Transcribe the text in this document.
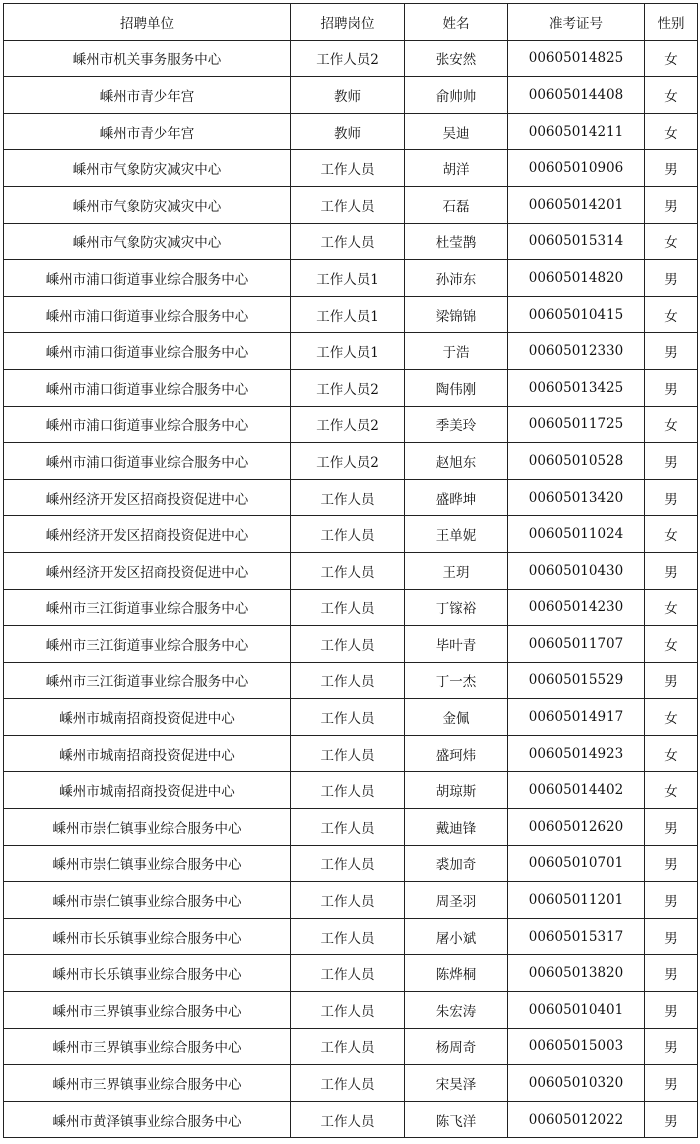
招聘单位	招聘岗位	姓名	准考证号	性别
嵊州市机关事务服务中心	工作人员2	张安然	00605014825	女
嵊州市青少年宫	教师	俞帅帅	00605014408	女
嵊州市青少年宫	教师	吴迪	00605014211	女
嵊州市气象防灾减灾中心	工作人员	胡洋	00605010906	男
嵊州市气象防灾减灾中心	工作人员	石磊	00605014201	男
嵊州市气象防灾减灾中心	工作人员	杜莹鹊	00605015314	女
嵊州市浦口街道事业综合服务中心	工作人员1	孙沛东	00605014820	男
嵊州市浦口街道事业综合服务中心	工作人员1	梁锦锦	00605010415	女
嵊州市浦口街道事业综合服务中心	工作人员1	于浩	00605012330	男
嵊州市浦口街道事业综合服务中心	工作人员2	陶伟刚	00605013425	男
嵊州市浦口街道事业综合服务中心	工作人员2	季美玲	00605011725	女
嵊州市浦口街道事业综合服务中心	工作人员2	赵旭东	00605010528	男
嵊州经济开发区招商投资促进中心	工作人员	盛晔坤	00605013420	男
嵊州经济开发区招商投资促进中心	工作人员	王单妮	00605011024	女
嵊州经济开发区招商投资促进中心	工作人员	王玥	00605010430	男
嵊州市三江街道事业综合服务中心	工作人员	丁镓裕	00605014230	女
嵊州市三江街道事业综合服务中心	工作人员	毕叶青	00605011707	女
嵊州市三江街道事业综合服务中心	工作人员	丁一杰	00605015529	男
嵊州市城南招商投资促进中心	工作人员	金佩	00605014917	女
嵊州市城南招商投资促进中心	工作人员	盛珂炜	00605014923	女
嵊州市城南招商投资促进中心	工作人员	胡琼斯	00605014402	女
嵊州市崇仁镇事业综合服务中心	工作人员	戴迪锋	00605012620	男
嵊州市崇仁镇事业综合服务中心	工作人员	裘加奇	00605010701	男
嵊州市崇仁镇事业综合服务中心	工作人员	周圣羽	00605011201	男
嵊州市长乐镇事业综合服务中心	工作人员	屠小斌	00605015317	男
嵊州市长乐镇事业综合服务中心	工作人员	陈烨桐	00605013820	男
嵊州市三界镇事业综合服务中心	工作人员	朱宏涛	00605010401	男
嵊州市三界镇事业综合服务中心	工作人员	杨周奇	00605015003	男
嵊州市三界镇事业综合服务中心	工作人员	宋昊泽	00605010320	男
嵊州市黄泽镇事业综合服务中心	工作人员	陈飞洋	00605012022	男
